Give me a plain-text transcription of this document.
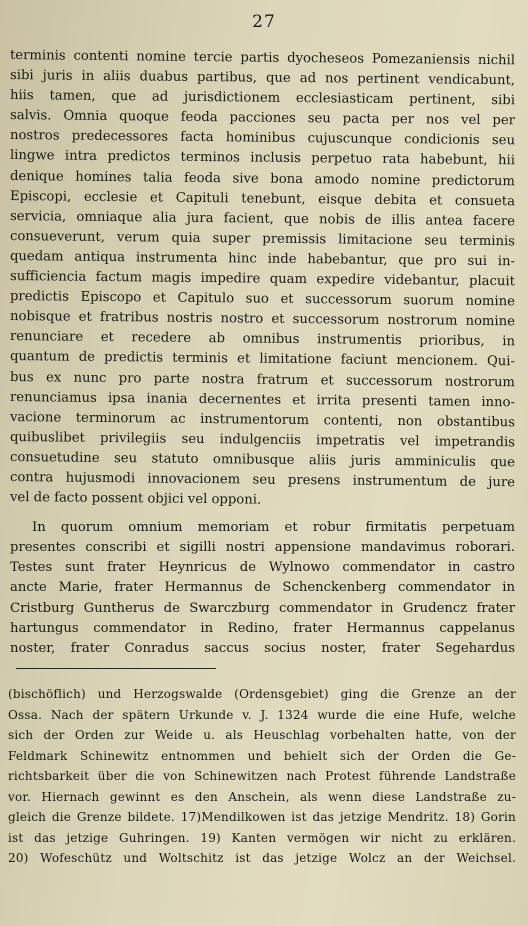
27
terminis contenti nomine tercie partis dyocheseos Pomezaniensis nichil
sibi juris in aliis duabus partibus, que ad nos pertinent vendicabunt,
hiis tamen, que ad jurisdictionem ecclesiasticam pertinent, sibi
salvis. Omnia quoque feoda pacciones seu pacta per nos vel per
nostros predecessores facta hominibus cujuscunque condicionis seu
lingwe intra predictos terminos inclusis perpetuo rata habebunt, hii
denique homines talia feoda sive bona amodo nomine predictorum
Episcopi, ecclesie et Capituli tenebunt, eisque debita et consueta
servicia, omniaque alia jura facient, que nobis de illis antea facere
consueverunt, verum quia super premissis limitacione seu terminis
quedam antiqua instrumenta hinc inde habebantur, que pro sui in-
sufficiencia factum magis impedire quam expedire videbantur, placuit
predictis Episcopo et Capitulo suo et successorum suorum nomine
nobisque et fratribus nostris nostro et successorum nostrorum nomine
renunciare et recedere ab omnibus instrumentis prioribus, in
quantum de predictis terminis et limitatione faciunt mencionem. Qui-
bus ex nunc pro parte nostra fratrum et successorum nostrorum
renunciamus ipsa inania decernentes et irrita presenti tamen inno-
vacione terminorum ac instrumentorum contenti, non obstantibus
quibuslibet privilegiis seu indulgenciis impetratis vel impetrandis
consuetudine seu statuto omnibusque aliis juris amminiculis que
contra hujusmodi innovacionem seu presens instrumentum de jure
vel de facto possent objici vel opponi.
In quorum omnium memoriam et robur firmitatis perpetuam
presentes conscribi et sigilli nostri appensione mandavimus roborari.
Testes sunt frater Heynricus de Wylnowo commendator in castro
ancte Marie, frater Hermannus de Schenckenberg commendator in
Cristburg Guntherus de Swarczburg commendator in Grudencz frater
hartungus commendator in Redino, frater Hermannus cappelanus
noster, frater Conradus saccus socius noster, frater Segehardus
(bischöflich) und Herzogswalde (Ordensgebiet) ging die Grenze an der
Ossa. Nach der spätern Urkunde v. J. 1324 wurde die eine Hufe, welche
sich der Orden zur Weide u. als Heuschlag vorbehalten hatte, von der
Feldmark Schinewitz entnommen und behielt sich der Orden die Ge-
richtsbarkeit über die von Schinewitzen nach Protest führende Landstraße
vor. Hiernach gewinnt es den Anschein, als wenn diese Landstraße zu-
gleich die Grenze bildete. 17)Mendilkowen ist das jetzige Mendritz. 18) Gorin
ist das jetzige Guhringen. 19) Kanten vermögen wir nicht zu erklären.
20) Wofeschütz und Woltschitz ist das jetzige Wolcz an der Weichsel.
